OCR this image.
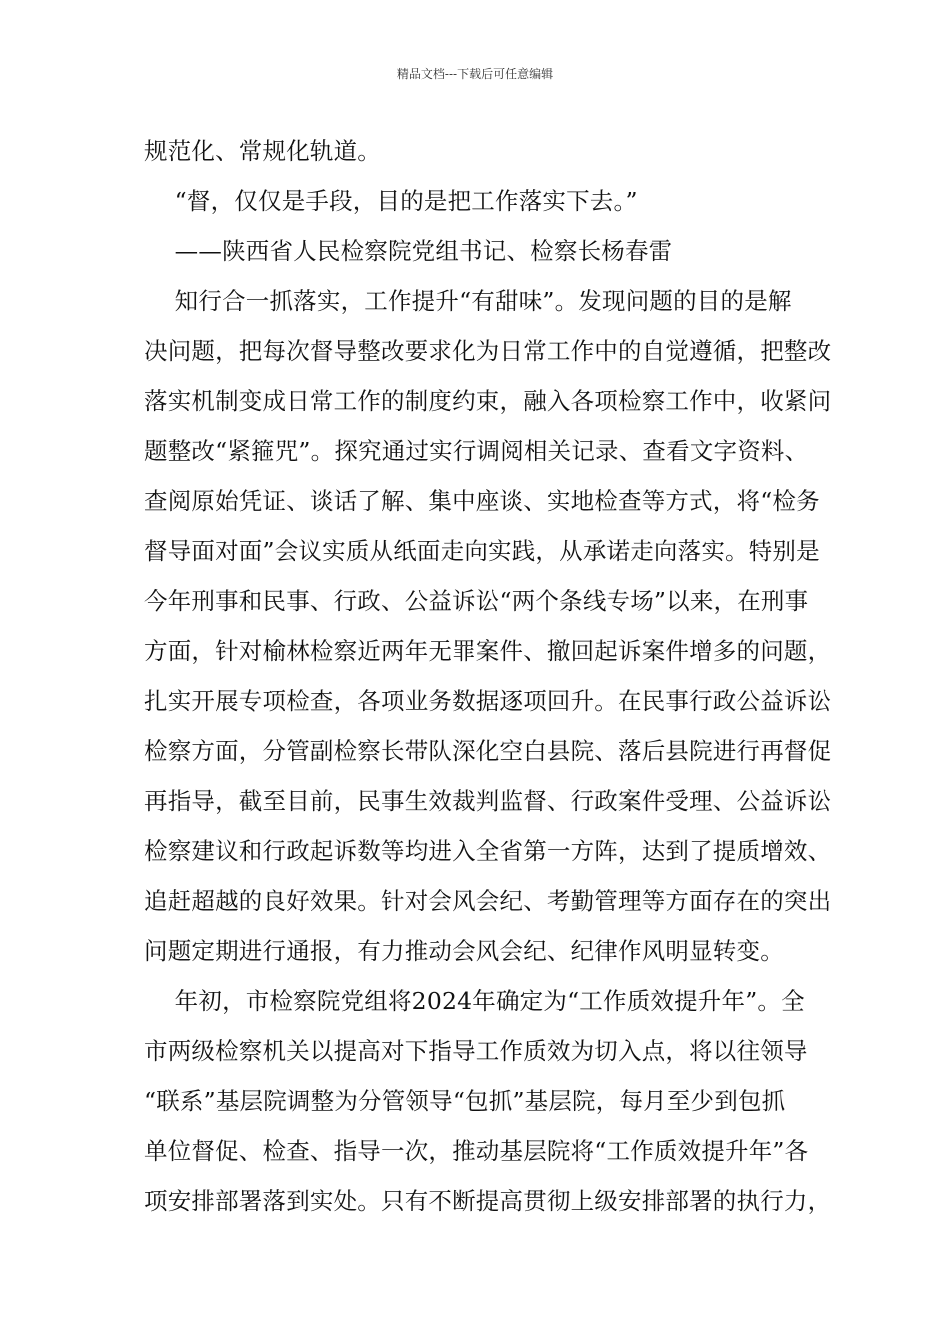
精品文档---下载后可任意编辑
规范化、常规化轨道。
“督，仅仅是手段，目的是把工作落实下去。”
——陕西省人民检察院党组书记、检察长杨春雷
知行合一抓落实，工作提升“有甜味”。发现问题的目的是解
决问题，把每次督导整改要求化为日常工作中的自觉遵循，把整改
落实机制变成日常工作的制度约束，融入各项检察工作中，收紧问
题整改“紧箍咒”。探究通过实行调阅相关记录、查看文字资料、
查阅原始凭证、谈话了解、集中座谈、实地检查等方式，将“检务
督导面对面”会议实质从纸面走向实践，从承诺走向落实。特别是
今年刑事和民事、行政、公益诉讼“两个条线专场”以来，在刑事
方面，针对榆林检察近两年无罪案件、撤回起诉案件增多的问题，
扎实开展专项检查，各项业务数据逐项回升。在民事行政公益诉讼
检察方面，分管副检察长带队深化空白县院、落后县院进行再督促
再指导，截至目前，民事生效裁判监督、行政案件受理、公益诉讼
检察建议和行政起诉数等均进入全省第一方阵，达到了提质增效、
追赶超越的良好效果。针对会风会纪、考勤管理等方面存在的突出
问题定期进行通报，有力推动会风会纪、纪律作风明显转变。
年初，市检察院党组将2024年确定为“工作质效提升年”。全
市两级检察机关以提高对下指导工作质效为切入点，将以往领导
“联系”基层院调整为分管领导“包抓”基层院，每月至少到包抓
单位督促、检查、指导一次，推动基层院将“工作质效提升年”各
项安排部署落到实处。只有不断提高贯彻上级安排部署的执行力，
